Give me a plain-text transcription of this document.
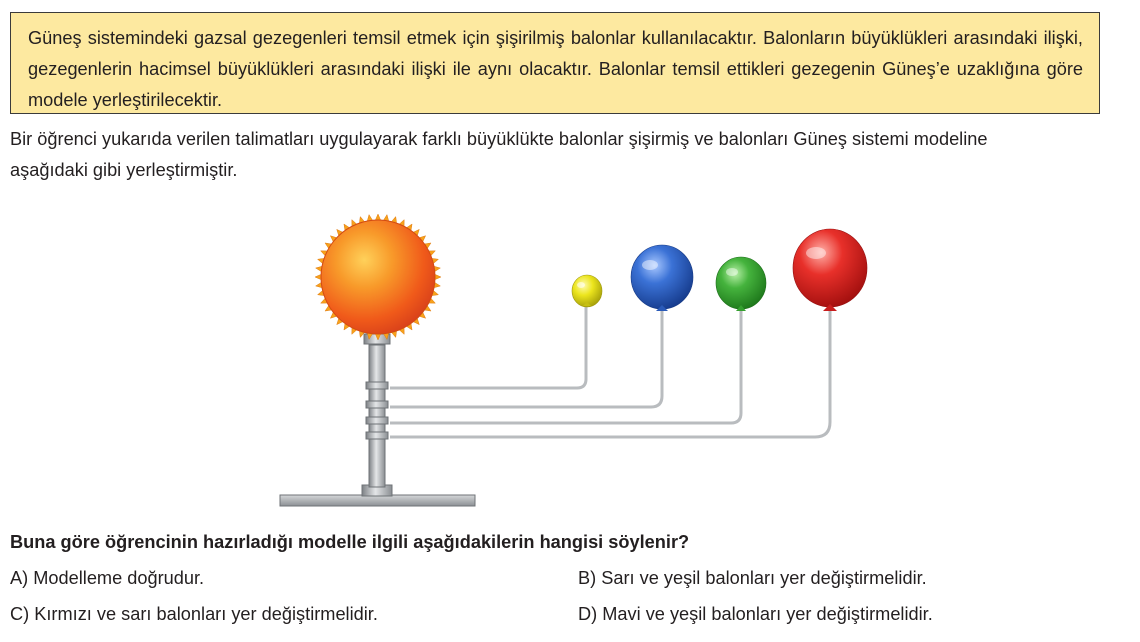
Güneş sistemindeki gazsal gezegenleri temsil etmek için şişirilmiş balonlar kullanılacaktır. Balonların büyüklükleri arasındaki ilişki, gezegenlerin hacimsel büyüklükleri arasındaki ilişki ile aynı olacaktır. Balonlar temsil ettikleri gezegenin Güneş’e uzaklığına göre modele yerleştirilecektir.

Bir öğrenci yukarıda verilen talimatları uygulayarak farklı büyüklükte balonlar şişirmiş ve balonları Güneş sistemi modeline
aşağıdaki gibi yerleştirmiştir.

Buna göre öğrencinin hazırladığı modelle ilgili aşağıdakilerin hangisi söylenir?

A) Modelleme doğrudur.	B) Sarı ve yeşil balonları yer değiştirmelidir.
C) Kırmızı ve sarı balonları yer değiştirmelidir.	D) Mavi ve yeşil balonları yer değiştirmelidir.
